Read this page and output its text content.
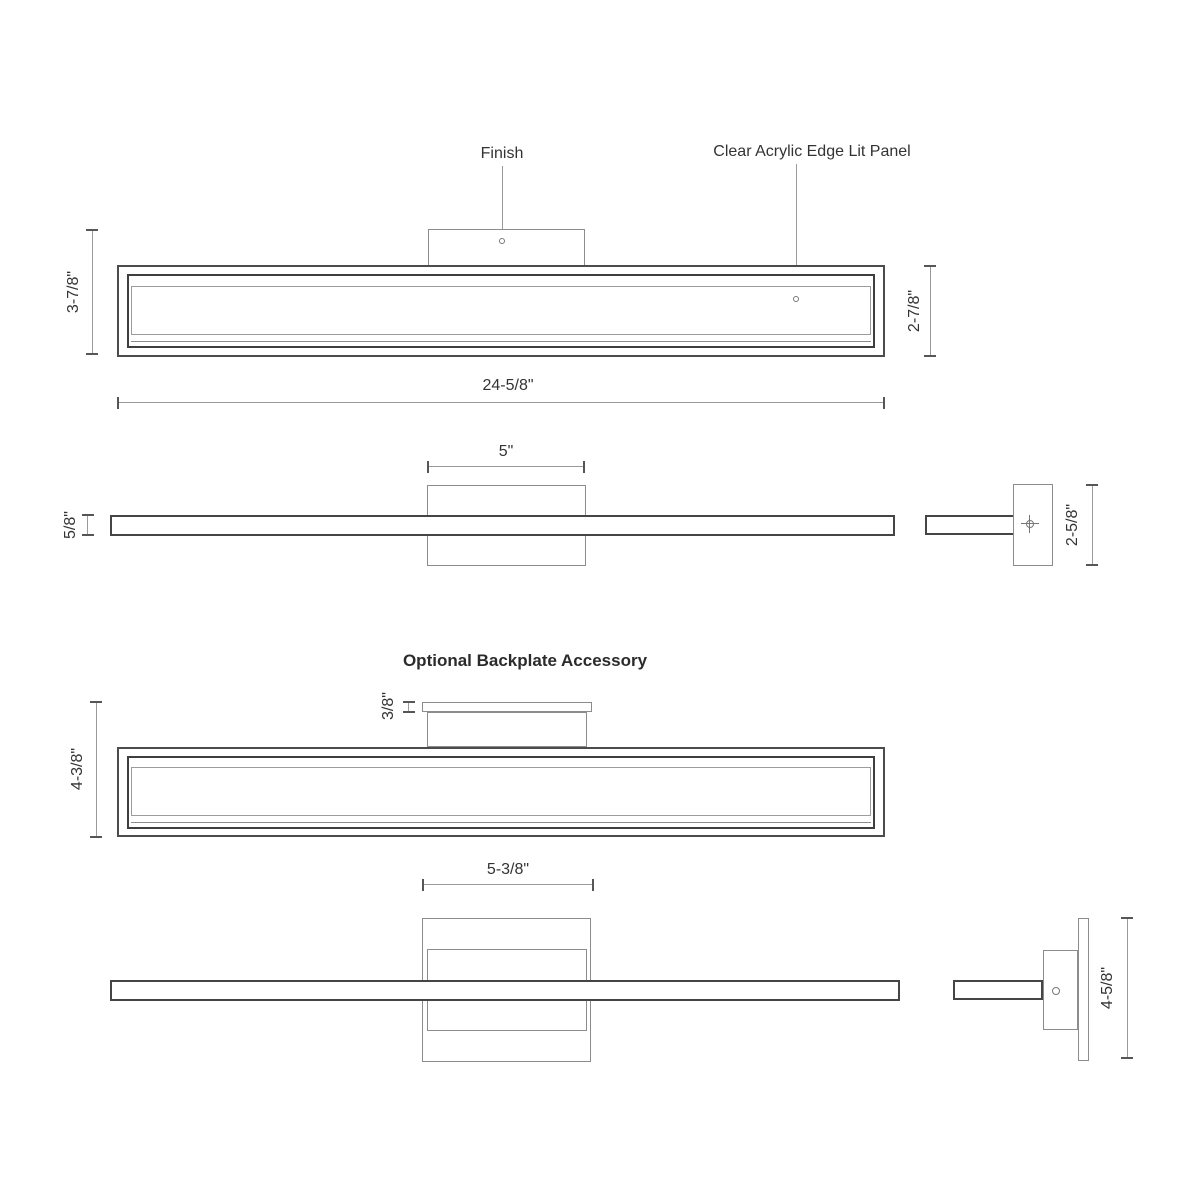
Finish	Clear Acrylic Edge Lit Panel
3-7/8"	2-7/8"
24-5/8"
5"
5/8"	2-5/8"
Optional Backplate Accessory
3/8"
4-3/8"
5-3/8"
4-5/8"
